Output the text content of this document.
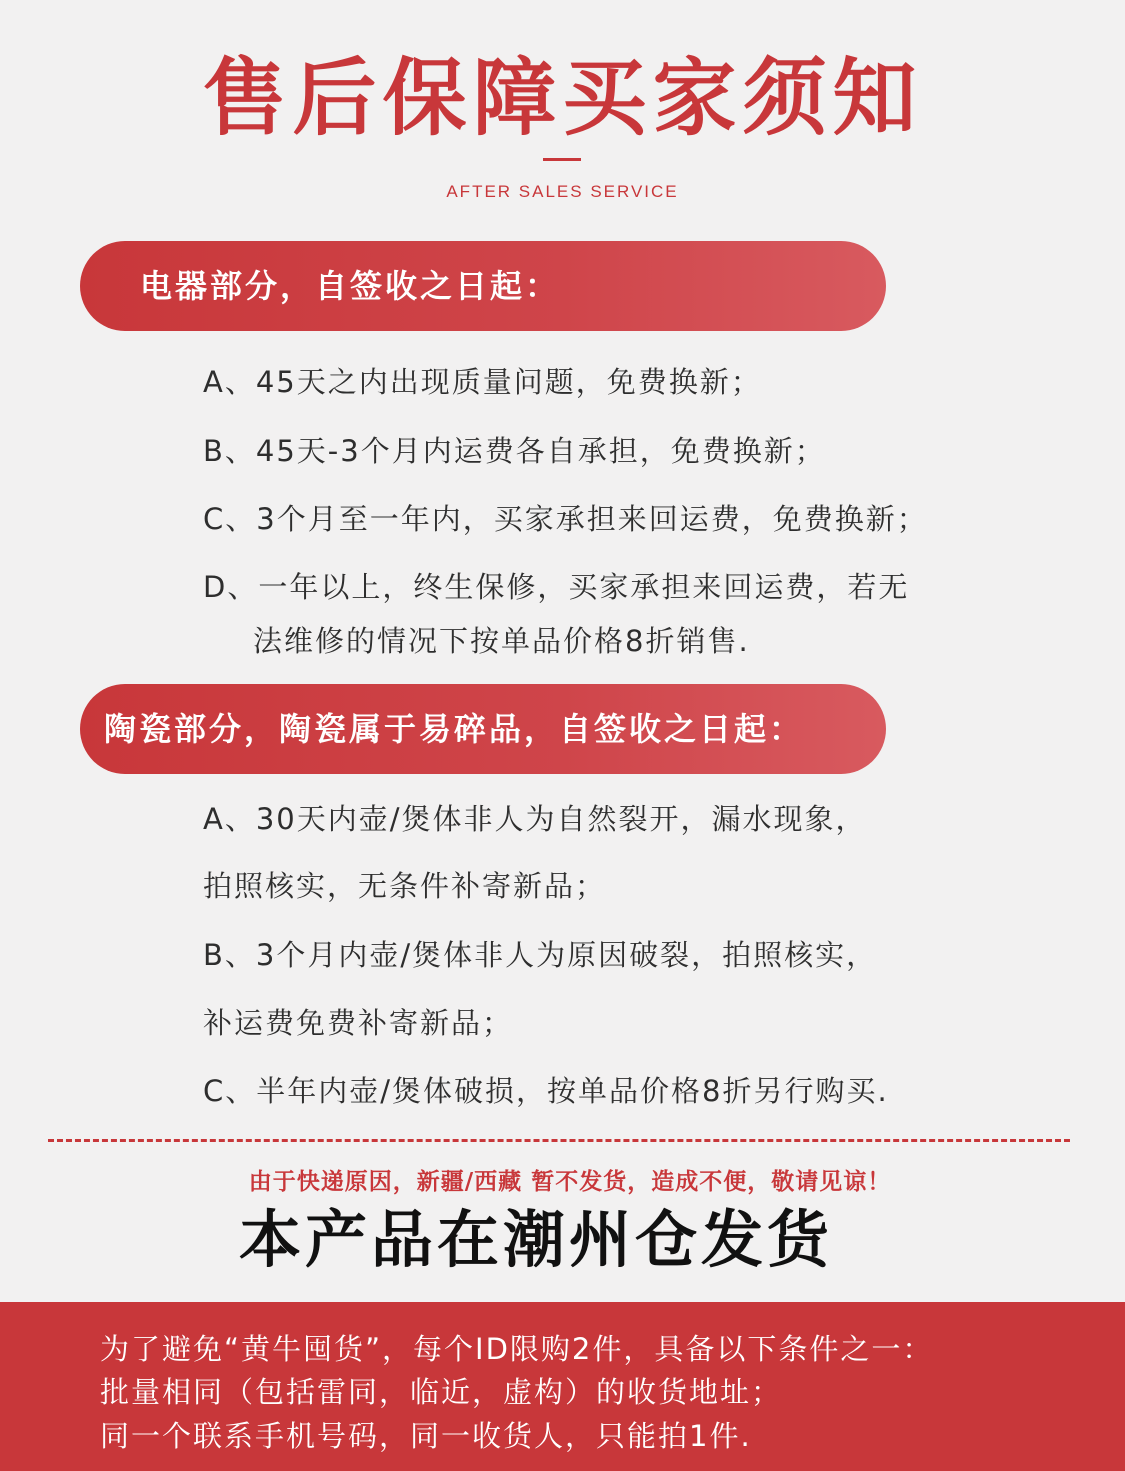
售后保障买家须知
AFTER SALES SERVICE
电器部分，自签收之日起：
A、45天之内出现质量问题，免费换新；
B、45天-3个月内运费各自承担，免费换新；
C、3个月至一年内，买家承担来回运费，免费换新；
D、一年以上，终生保修，买家承担来回运费，若无
法维修的情况下按单品价格8折销售.
陶瓷部分，陶瓷属于易碎品，自签收之日起：
A、30天内壶/煲体非人为自然裂开，漏水现象，
拍照核实，无条件补寄新品；
B、3个月内壶/煲体非人为原因破裂，拍照核实，
补运费免费补寄新品；
C、半年内壶/煲体破损，按单品价格8折另行购买.
由于快递原因，新疆/西藏 暂不发货，造成不便，敬请见谅！
本产品在潮州仓发货
为了避免“黄牛囤货”，每个ID限购2件，具备以下条件之一：
批量相同（包括雷同，临近，虚构）的收货地址；
同一个联系手机号码，同一收货人，只能拍1件.
